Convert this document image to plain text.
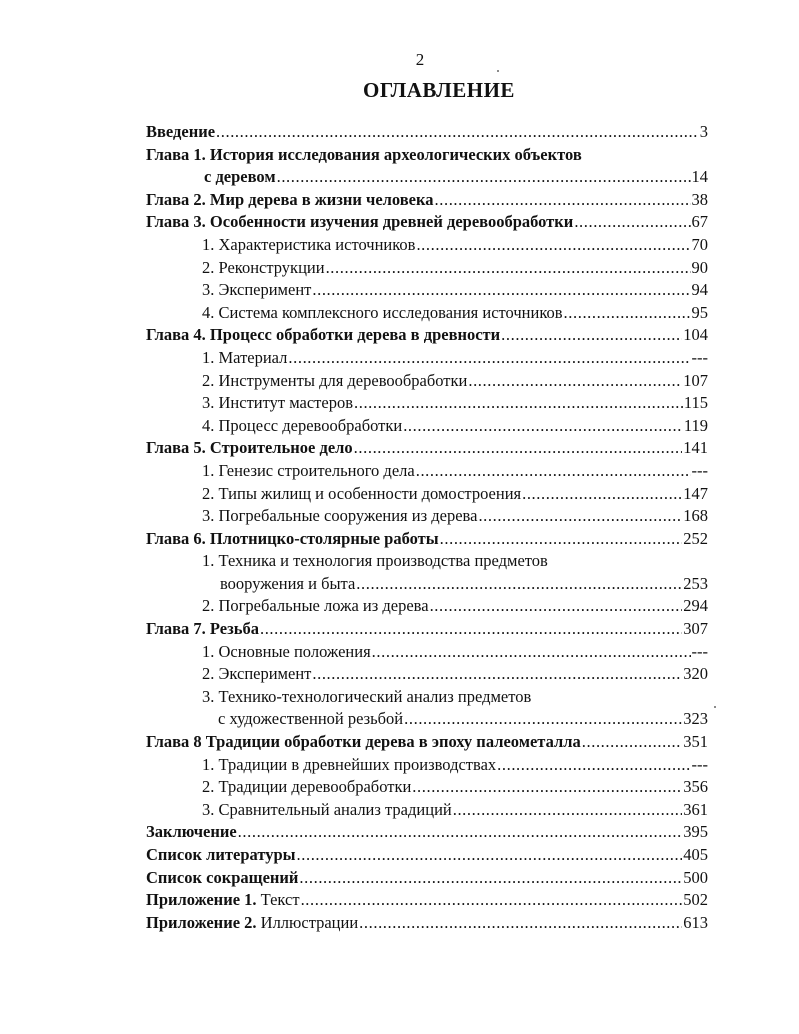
2
ОГЛАВЛЕНИЕ
Введение .....	3
Глава 1. История исследования археологических объектов
с деревом .....	14
Глава 2. Мир дерева в жизни человека .....	38
Глава 3. Особенности изучения древней деревообработки .....	67
1. Характеристика источников .....	70
2. Реконструкции .....	90
3. Эксперимент .....	94
4. Система комплексного исследования источников .....	95
Глава 4. Процесс обработки дерева в древности .....	104
1. Материал .....	---
2. Инструменты для деревообработки .....	107
3. Институт мастеров .....	115
4. Процесс деревообработки .....	119
Глава 5. Строительное дело .....	141
1. Генезис строительного дела .....	---
2. Типы жилищ и особенности домостроения .....	147
3. Погребальные сооружения из дерева .....	168
Глава 6. Плотницко-столярные работы .....	252
1. Техника и технология производства предметов
вооружения и быта .....	253
2. Погребальные ложа из дерева .....	294
Глава 7. Резьба .....	307
1. Основные положения .....	---
2. Эксперимент .....	320
3. Технико-технологический анализ предметов
с художественной резьбой .....	323
Глава 8 Традиции обработки дерева в эпоху палеометалла .....	351
1. Традиции в древнейших производствах .....	---
2. Традиции деревообработки .....	356
3. Сравнительный анализ традиций .....	361
Заключение .....	395
Список литературы .....	405
Список сокращений .....	500
Приложение 1. Текст .....	502
Приложение 2. Иллюстрации .....	613
